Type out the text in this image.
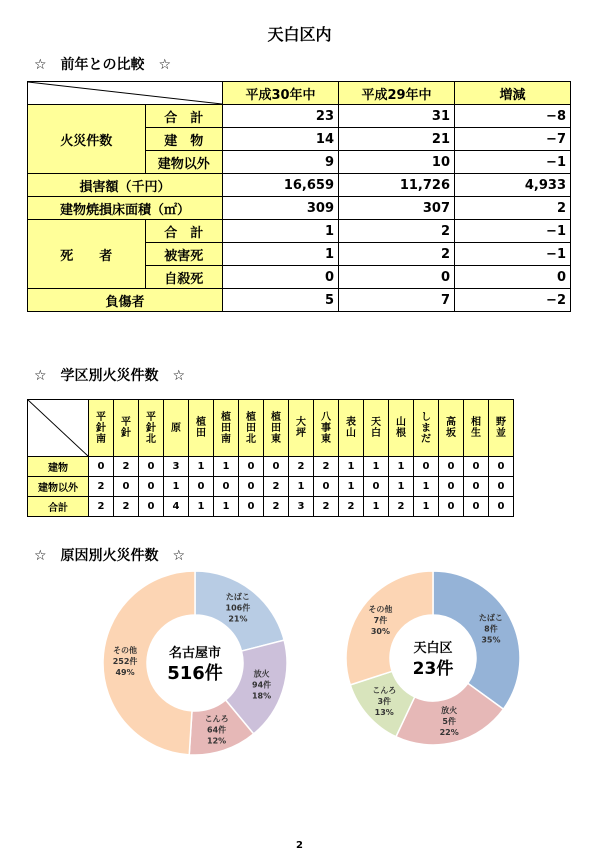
天白区内
☆　前年との比較　☆
	平成30年中	平成29年中	増減
火災件数	合　計	23	31	−8
	建　物	14	21	−7
	建物以外	9	10	−1
損害額（千円）		16,659	11,726	4,933
建物焼損床面積（㎡）		309	307	2
死　　者	合　計	1	2	−1
	被害死	1	2	−1
	自殺死	0	0	0
負傷者		5	7	−2
☆　学区別火災件数　☆
	平針南	平針	平針北	原	植田	植田南	植田北	植田東	大坪	八事東	表山	天白	山根	しまだ	高坂	相生	野並
建物	0	2	0	3	1	1	0	0	2	2	1	1	1	0	0	0	0
建物以外	2	0	0	1	0	0	0	2	1	0	1	0	1	1	0	0	0
合計	2	2	0	4	1	1	0	2	3	2	2	1	2	1	0	0	0
☆　原因別火災件数　☆
たばこ
106件
21%
放火
94件
18%
こんろ
64件
12%
その他
252件
49%
名古屋市
516件
たばこ
8件
35%
放火
5件
22%
こんろ
3件
13%
その他
7件
30%
天白区
23件
2
